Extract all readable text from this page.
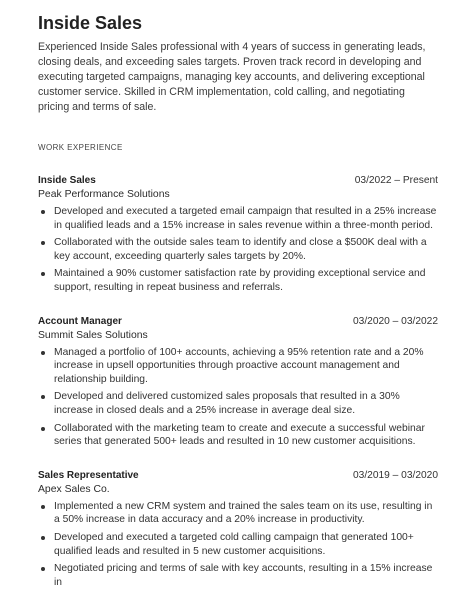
Inside Sales

Experienced Inside Sales professional with 4 years of success in generating leads, closing deals, and exceeding sales targets. Proven track record in developing and executing targeted campaigns, managing key accounts, and delivering exceptional customer service. Skilled in CRM implementation, cold calling, and negotiating pricing and terms of sale.

WORK EXPERIENCE
Inside Sales	03/2022 – Present
Peak Performance Solutions
Developed and executed a targeted email campaign that resulted in a 25% increase in qualified leads and a 15% increase in sales revenue within a three-month period.
Collaborated with the outside sales team to identify and close a $500K deal with a key account, exceeding quarterly sales targets by 20%.
Maintained a 90% customer satisfaction rate by providing exceptional service and support, resulting in repeat business and referrals.
Account Manager	03/2020 – 03/2022
Summit Sales Solutions
Managed a portfolio of 100+ accounts, achieving a 95% retention rate and a 20% increase in upsell opportunities through proactive account management and relationship building.
Developed and delivered customized sales proposals that resulted in a 30% increase in closed deals and a 25% increase in average deal size.
Collaborated with the marketing team to create and execute a successful webinar series that generated 500+ leads and resulted in 10 new customer acquisitions.
Sales Representative	03/2019 – 03/2020
Apex Sales Co.
Implemented a new CRM system and trained the sales team on its use, resulting in a 50% increase in data accuracy and a 20% increase in productivity.
Developed and executed a targeted cold calling campaign that generated 100+ qualified leads and resulted in 5 new customer acquisitions.
Negotiated pricing and terms of sale with key accounts, resulting in a 15% increase in
